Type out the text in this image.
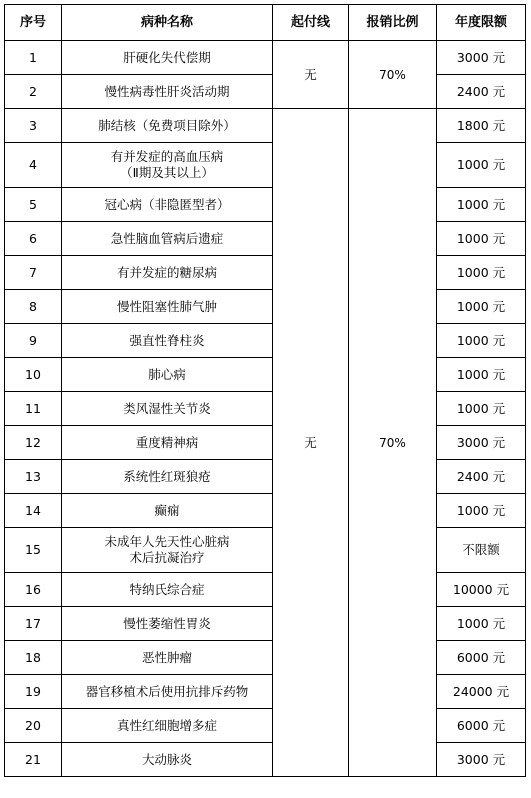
序号	病种名称	起付线	报销比例	年度限额
1	肝硬化失代偿期	无	70%	3000 元
2	慢性病毒性肝炎活动期			2400 元
3	肺结核（免费项目除外）	无	70%	1800 元
4	有并发症的高血压病
（Ⅱ期及其以上）			1000 元
5	冠心病（非隐匿型者）			1000 元
6	急性脑血管病后遗症			1000 元
7	有并发症的糖尿病			1000 元
8	慢性阻塞性肺气肿			1000 元
9	强直性脊柱炎			1000 元
10	肺心病			1000 元
11	类风湿性关节炎			1000 元
12	重度精神病			3000 元
13	系统性红斑狼疮			2400 元
14	癫痫			1000 元
15	未成年人先天性心脏病
术后抗凝治疗			不限额
16	特纳氏综合症			10000 元
17	慢性萎缩性胃炎			1000 元
18	恶性肿瘤			6000 元
19	器官移植术后使用抗排斥药物			24000 元
20	真性红细胞增多症			6000 元
21	大动脉炎			3000 元
